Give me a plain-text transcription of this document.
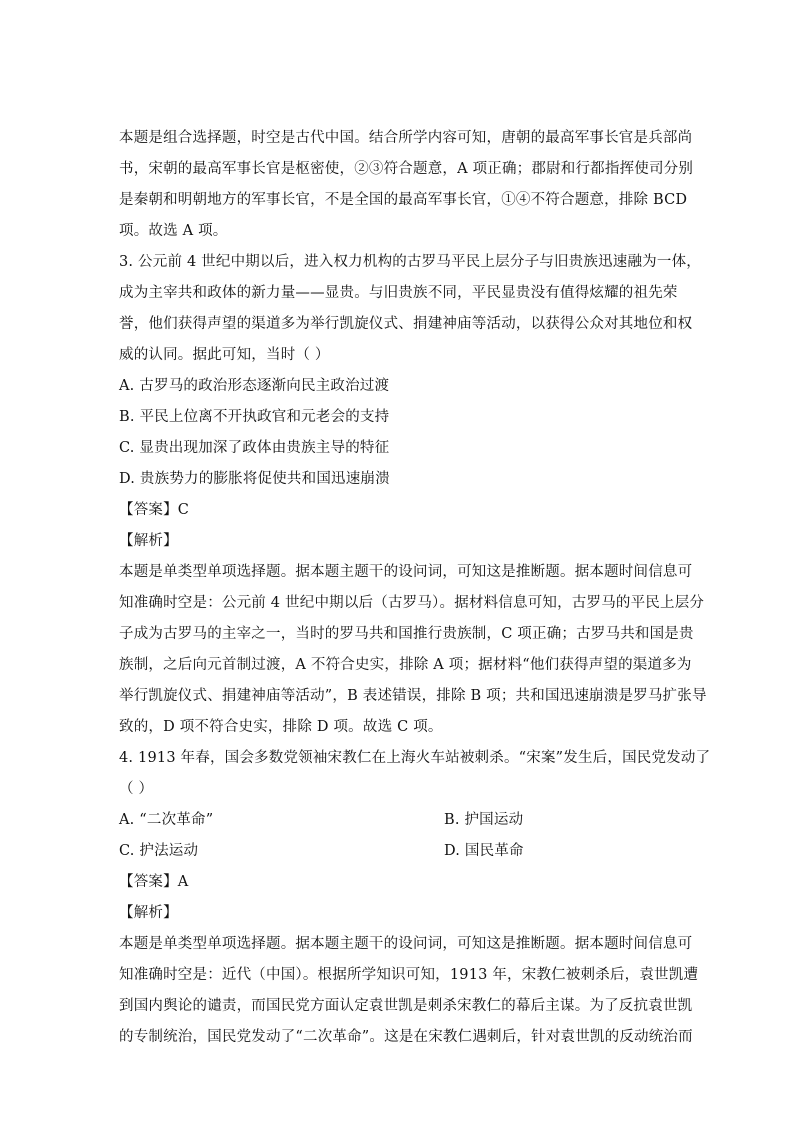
本题是组合选择题，时空是古代中国。结合所学内容可知，唐朝的最高军事长官是兵部尚
书，宋朝的最高军事长官是枢密使，②③符合题意，A 项正确；郡尉和行都指挥使司分别
是秦朝和明朝地方的军事长官，不是全国的最高军事长官，①④不符合题意，排除 BCD
项。故选 A 项。
3. 公元前 4 世纪中期以后，进入权力机构的古罗马平民上层分子与旧贵族迅速融为一体，
成为主宰共和政体的新力量——显贵。与旧贵族不同，平民显贵没有值得炫耀的祖先荣
誉，他们获得声望的渠道多为举行凯旋仪式、捐建神庙等活动，以获得公众对其地位和权
威的认同。据此可知，当时（ ）
A. 古罗马的政治形态逐渐向民主政治过渡
B. 平民上位离不开执政官和元老会的支持
C. 显贵出现加深了政体由贵族主导的特征
D. 贵族势力的膨胀将促使共和国迅速崩溃
【答案】C
【解析】
本题是单类型单项选择题。据本题主题干的设问词，可知这是推断题。据本题时间信息可
知准确时空是：公元前 4 世纪中期以后（古罗马）。据材料信息可知，古罗马的平民上层分
子成为古罗马的主宰之一，当时的罗马共和国推行贵族制，C 项正确；古罗马共和国是贵
族制，之后向元首制过渡，A 不符合史实，排除 A 项；据材料“他们获得声望的渠道多为
举行凯旋仪式、捐建神庙等活动”，B 表述错误，排除 B 项；共和国迅速崩溃是罗马扩张导
致的，D 项不符合史实，排除 D 项。故选 C 项。
4. 1913 年春，国会多数党领袖宋教仁在上海火车站被刺杀。“宋案”发生后，国民党发动了
（ ）
A. “二次革命”	B. 护国运动
C. 护法运动	D. 国民革命
【答案】A
【解析】
本题是单类型单项选择题。据本题主题干的设问词，可知这是推断题。据本题时间信息可
知准确时空是：近代（中国）。根据所学知识可知，1913 年，宋教仁被刺杀后，袁世凯遭
到国内舆论的谴责，而国民党方面认定袁世凯是刺杀宋教仁的幕后主谋。为了反抗袁世凯
的专制统治，国民党发动了“二次革命”。这是在宋教仁遇刺后，针对袁世凯的反动统治而
